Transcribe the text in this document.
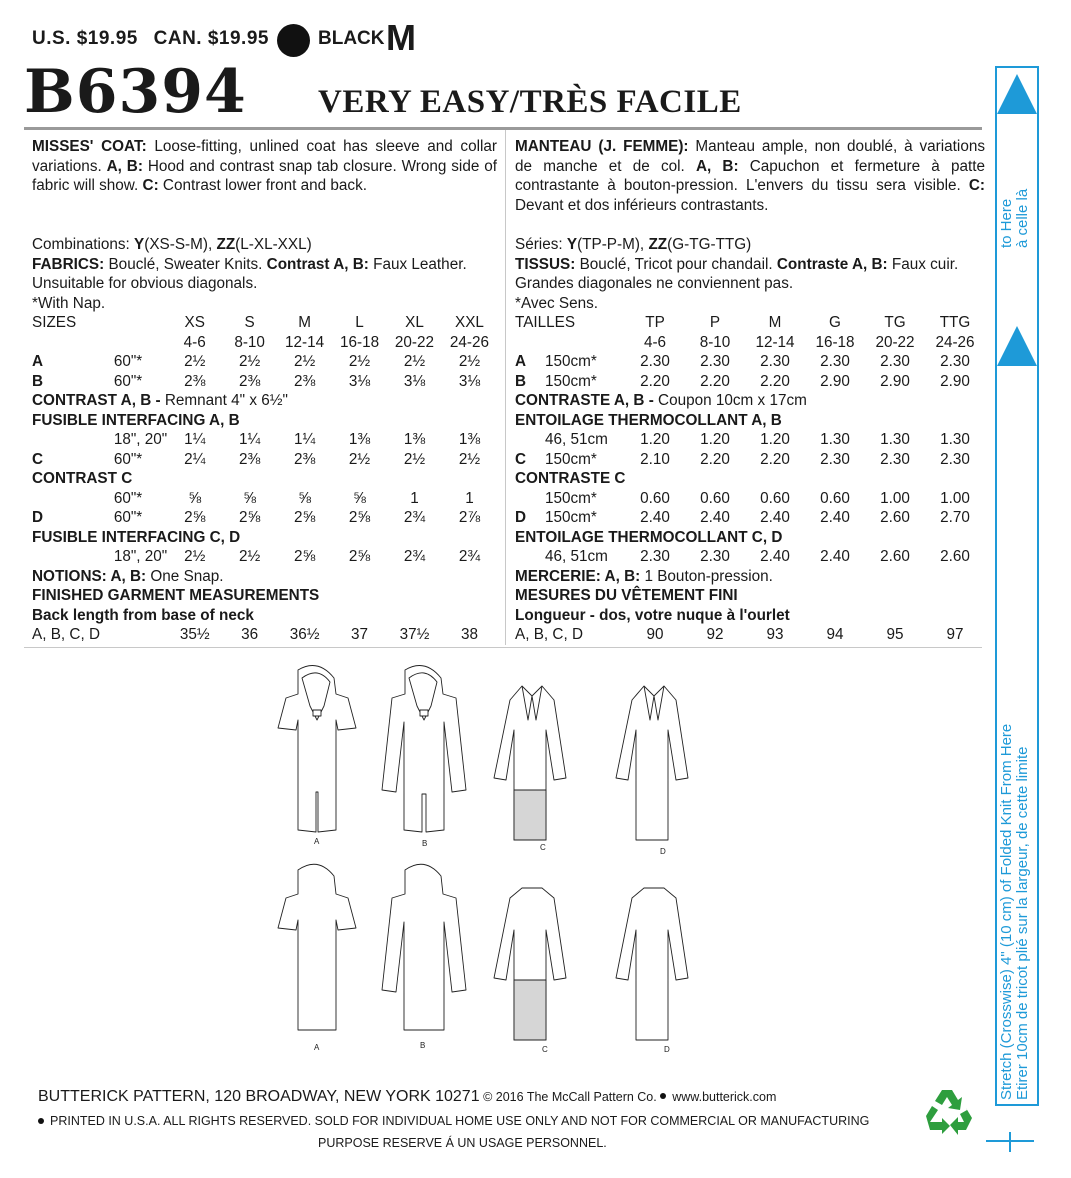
U.S. $19.95 CAN. $19.95	BLACK M
B6394 VERY EASY/TRÈS FACILE

MISSES' COAT: Loose-fitting, unlined coat has sleeve and collar variations. A, B: Hood and contrast snap tab closure. Wrong side of fabric will show. C: Contrast lower front and back.

Combinations: Y(XS-S-M), ZZ(L-XL-XXL)
FABRICS: Bouclé, Sweater Knits. Contrast A, B: Faux Leather.
Unsuitable for obvious diagonals.
*With Nap.
SIZES		XS	S	M	L	XL	XXL
		4-6	8-10	12-14	16-18	20-22	24-26
A	60"*	2½	2½	2½	2½	2½	2½
B	60"*	2⅜	2⅜	2⅜	3⅛	3⅛	3⅛
CONTRAST A, B - Remnant 4" x 6½"							
FUSIBLE INTERFACING A, B							
	18", 20"	1¼	1¼	1¼	1⅜	1⅜	1⅜
C	60"*	2¼	2⅜	2⅜	2½	2½	2½
CONTRAST C							
	60"*	⅝	⅝	⅝	⅝	1	1
D	60"*	2⅝	2⅝	2⅝	2⅝	2¾	2⅞
FUSIBLE INTERFACING C, D							
	18", 20"	2½	2½	2⅝	2⅝	2¾	2¾
NOTIONS: A, B: One Snap.							
FINISHED GARMENT MEASUREMENTS							
Back length from base of neck							
A, B, C, D		35½	36	36½	37	37½	38

MANTEAU (J. FEMME): Manteau ample, non doublé, à variations de manche et de col. A, B: Capuchon et fermeture à patte contrastante à bouton-pression. L'envers du tissu sera visible. C: Devant et dos inférieurs contrastants.

Séries: Y(TP-P-M), ZZ(G-TG-TTG)
TISSUS: Bouclé, Tricot pour chandail. Contraste A, B: Faux cuir.
Grandes diagonales ne conviennent pas.
*Avec Sens.
TAILLES		TP	P	M	G	TG	TTG
		4-6	8-10	12-14	16-18	20-22	24-26
A	150cm*	2.30	2.30	2.30	2.30	2.30	2.30
B	150cm*	2.20	2.20	2.20	2.90	2.90	2.90
CONTRASTE A, B - Coupon 10cm x 17cm							
ENTOILAGE THERMOCOLLANT A, B							
	46, 51cm	1.20	1.20	1.20	1.30	1.30	1.30
C	150cm*	2.10	2.20	2.20	2.30	2.30	2.30
CONTRASTE C							
	150cm*	0.60	0.60	0.60	0.60	1.00	1.00
D	150cm*	2.40	2.40	2.40	2.40	2.60	2.70
ENTOILAGE THERMOCOLLANT C, D							
	46, 51cm	2.30	2.30	2.40	2.40	2.60	2.60
MERCERIE: A, B: 1 Bouton-pression.							
MESURES DU VÊTEMENT FINI							
Longueur - dos, votre nuque à l'ourlet							
A, B, C, D		90	92	93	94	95	97
A	B	C	D
A	B	C	D
BUTTERICK PATTERN, 120 BROADWAY, NEW YORK 10271 © 2016 The McCall Pattern Co. www.butterick.com
PRINTED IN U.S.A. ALL RIGHTS RESERVED. SOLD FOR INDIVIDUAL HOME USE ONLY AND NOT FOR COMMERCIAL OR MANUFACTURING
PURPOSE RESERVE Á UN USAGE PERSONNEL.
to Here
à celle là
Stretch (Crosswise) 4" (10 cm) of Folded Knit From Here
Etirer 10cm de tricot plié sur la largeur, de cette limite
